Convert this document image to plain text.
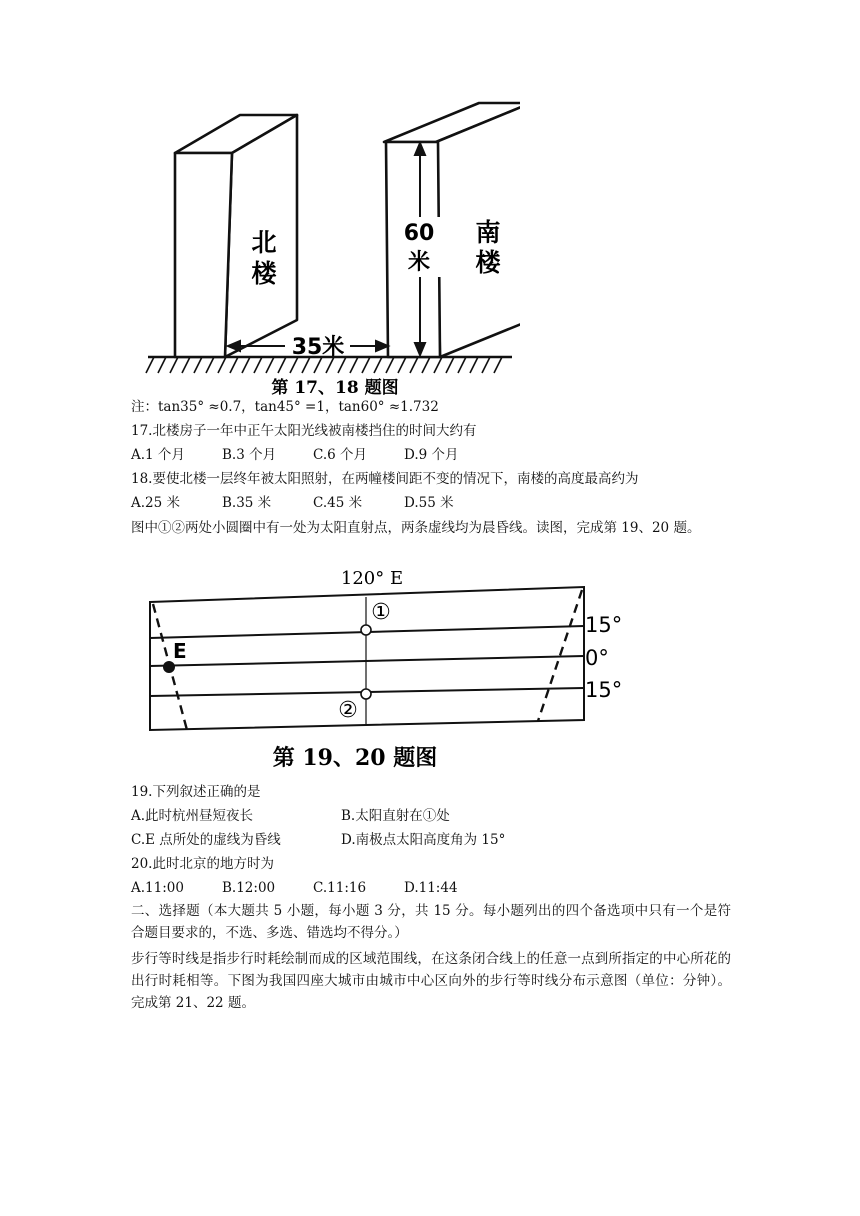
北
楼
南
楼
60
米
35米
第 17、18 题图
注：tan35° ≈0.7，tan45° =1，tan60° ≈1.732
17.北楼房子一年中正午太阳光线被南楼挡住的时间大约有
A.1 个月	B.3 个月	C.6 个月	D.9 个月
18.要使北楼一层终年被太阳照射，在两幢楼间距不变的情况下，南楼的高度最高约为
A.25 米	B.35 米	C.45 米	D.55 米
图中①②两处小圆圈中有一处为太阳直射点，两条虚线均为晨昏线。读图，完成第 19、20 题。
120° E
E
①
②
15°
0°
15°
第 19、20 题图
19.下列叙述正确的是
A.此时杭州昼短夜长	B.太阳直射在①处
C.E 点所处的虚线为昏线	D.南极点太阳高度角为 15°
20.此时北京的地方时为
A.11:00	B.12:00	C.11:16	D.11:44
二、选择题（本大题共 5 小题，每小题 3 分，共 15 分。每小题列出的四个备选项中只有一个是符合题目要求的，不选、多选、错选均不得分。）
步行等时线是指步行时耗绘制而成的区域范围线，在这条闭合线上的任意一点到所指定的中心所花的出行时耗相等。下图为我国四座大城市由城市中心区向外的步行等时线分布示意图（单位：分钟）。完成第 21、22 题。
